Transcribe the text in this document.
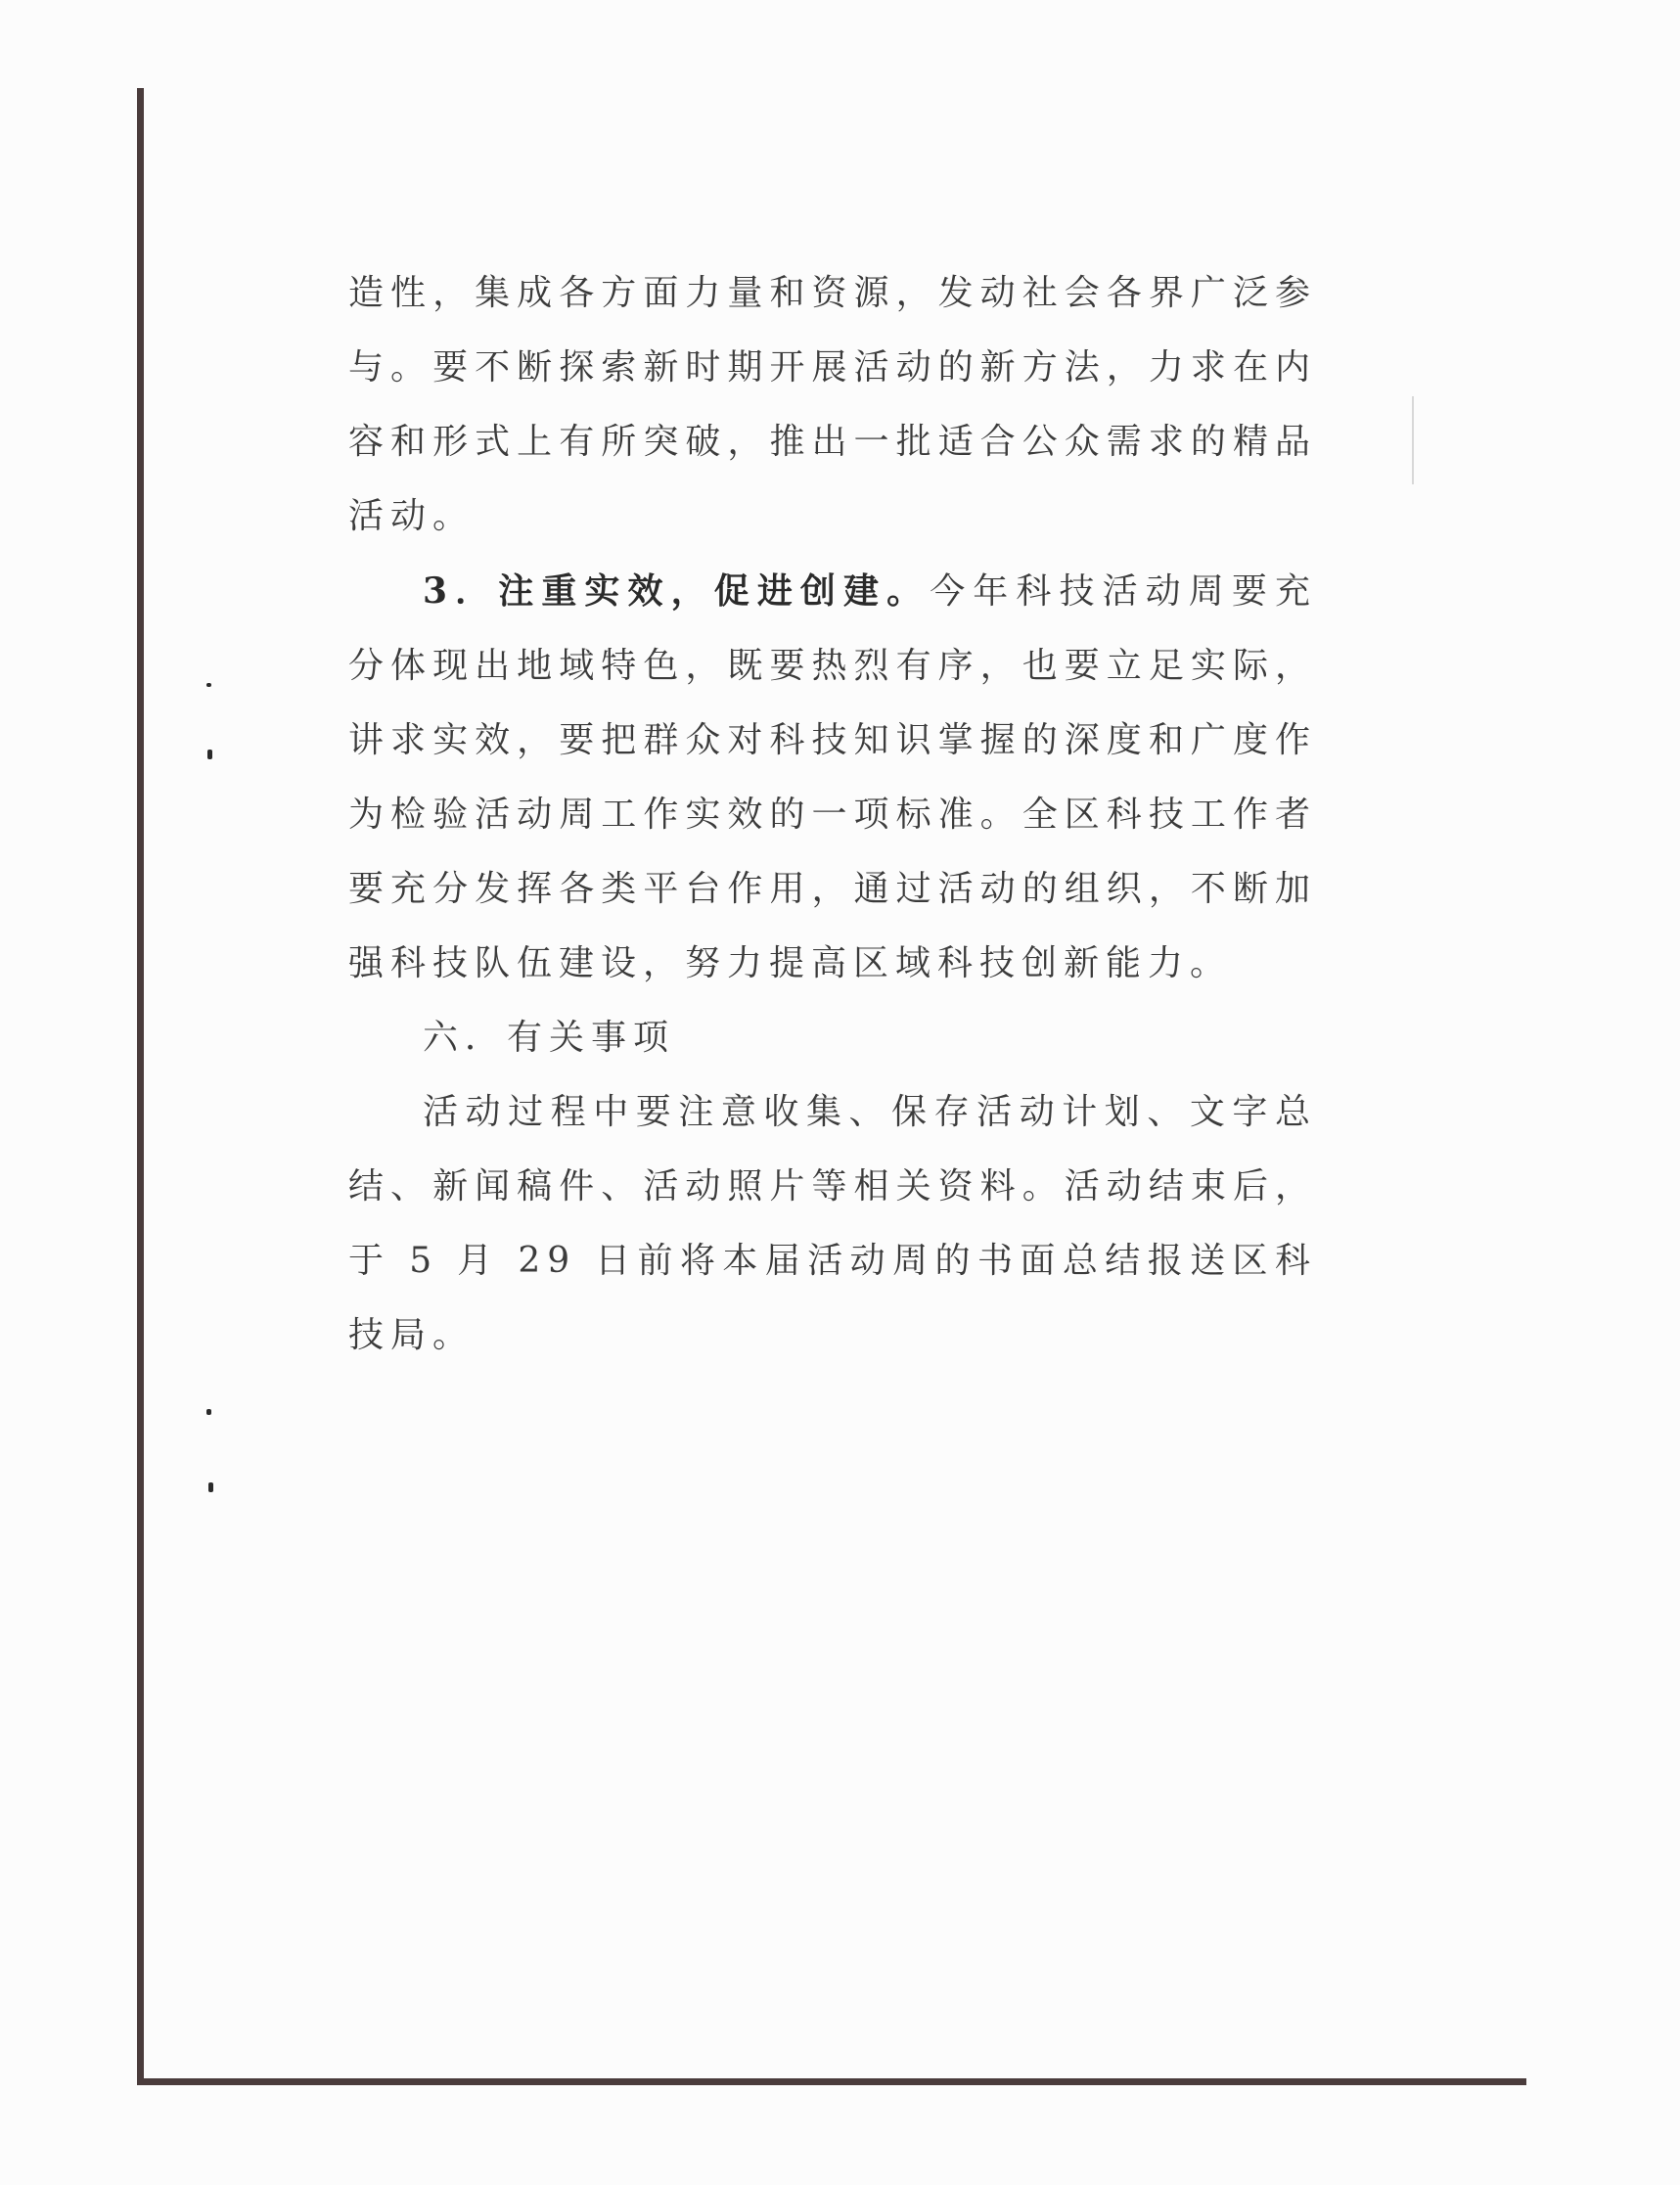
造性，集成各方面力量和资源，发动社会各界广泛参与。要不断探索新时期开展活动的新方法，力求在内容和形式上有所突破，推出一批适合公众需求的精品活动。

3．注重实效，促进创建。今年科技活动周要充分体现出地域特色，既要热烈有序，也要立足实际，讲求实效，要把群众对科技知识掌握的深度和广度作为检验活动周工作实效的一项标准。全区科技工作者要充分发挥各类平台作用，通过活动的组织，不断加强科技队伍建设，努力提高区域科技创新能力。

六．有关事项

活动过程中要注意收集、保存活动计划、文字总结、新闻稿件、活动照片等相关资料。活动结束后，于 5 月 29 日前将本届活动周的书面总结报送区科技局。
